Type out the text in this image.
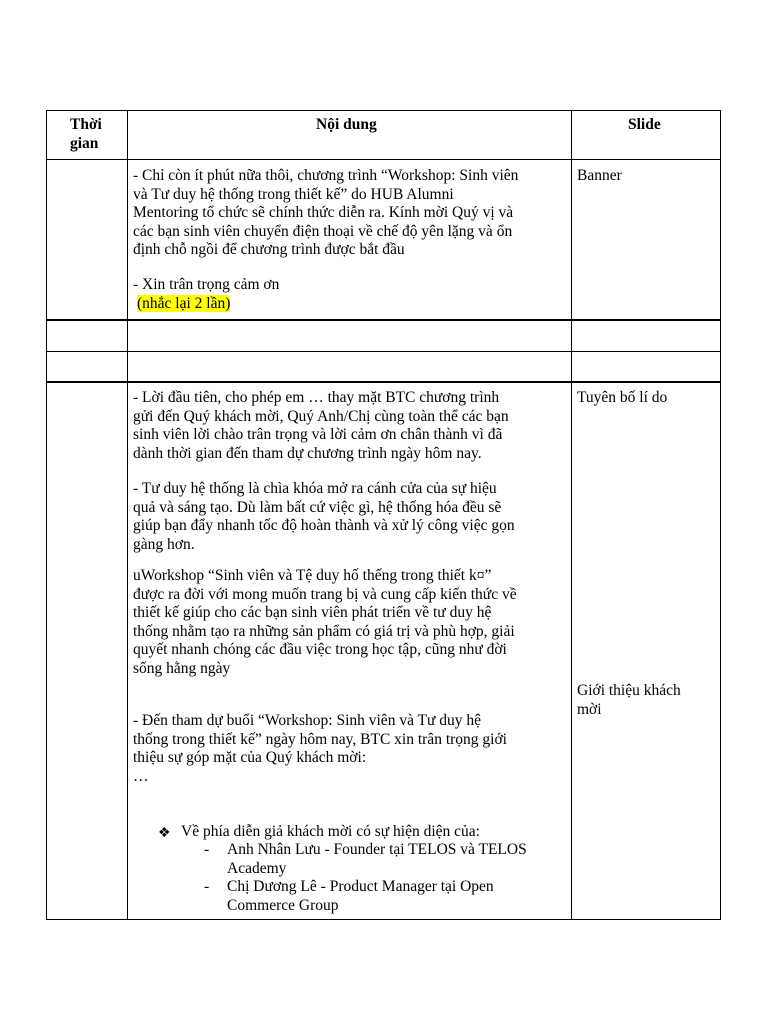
Thời
gian
Nội dung	Slide
- Chỉ còn ít phút nữa thôi, chương trình “Workshop: Sinh viên
và Tư duy hệ thống trong thiết kế” do HUB Alumni
Mentoring tổ chức sẽ chính thức diễn ra. Kính mời Quý vị và
các bạn sinh viên chuyển điện thoại về chế độ yên lặng và ổn
định chỗ ngồi để chương trình được bắt đầu
- Xin trân trọng cảm ơn
(nhắc lại 2 lần)
Banner
- Lời đầu tiên, cho phép em … thay mặt BTC chương trình
gửi đến Quý khách mời, Quý Anh/Chị cùng toàn thể các bạn
sinh viên lời chào trân trọng và lời cảm ơn chân thành vì đã
dành thời gian đến tham dự chương trình ngày hôm nay.
- Tư duy hệ thống là chìa khóa mở ra cánh cửa của sự hiệu
quả và sáng tạo. Dù làm bất cứ việc gì, hệ thống hóa đều sẽ
giúp bạn đẩy nhanh tốc độ hoàn thành và xử lý công việc gọn
gàng hơn.
uWorkshop “Sinh viên và Tệ duy hố thếng trong thiết k¤”
được ra đời với mong muốn trang bị và cung cấp kiến thức về
thiết kế giúp cho các bạn sinh viên phát triển về tư duy hệ
thống nhằm tạo ra những sản phẩm có giá trị và phù hợp, giải
quyết nhanh chóng các đầu việc trong học tập, cũng như đời
sống hằng ngày
- Đến tham dự buổi “Workshop: Sinh viên và Tư duy hệ
thống trong thiết kế” ngày hôm nay, BTC xin trân trọng giới
thiệu sự góp mặt của Quý khách mời:
…
❖ Về phía diễn giả khách mời có sự hiện diện của:
- Anh Nhân Lưu - Founder tại TELOS và TELOS
Academy
- Chị Dương Lê - Product Manager tại Open
Commerce Group
Tuyên bố lí do
Giới thiệu khách
mời
